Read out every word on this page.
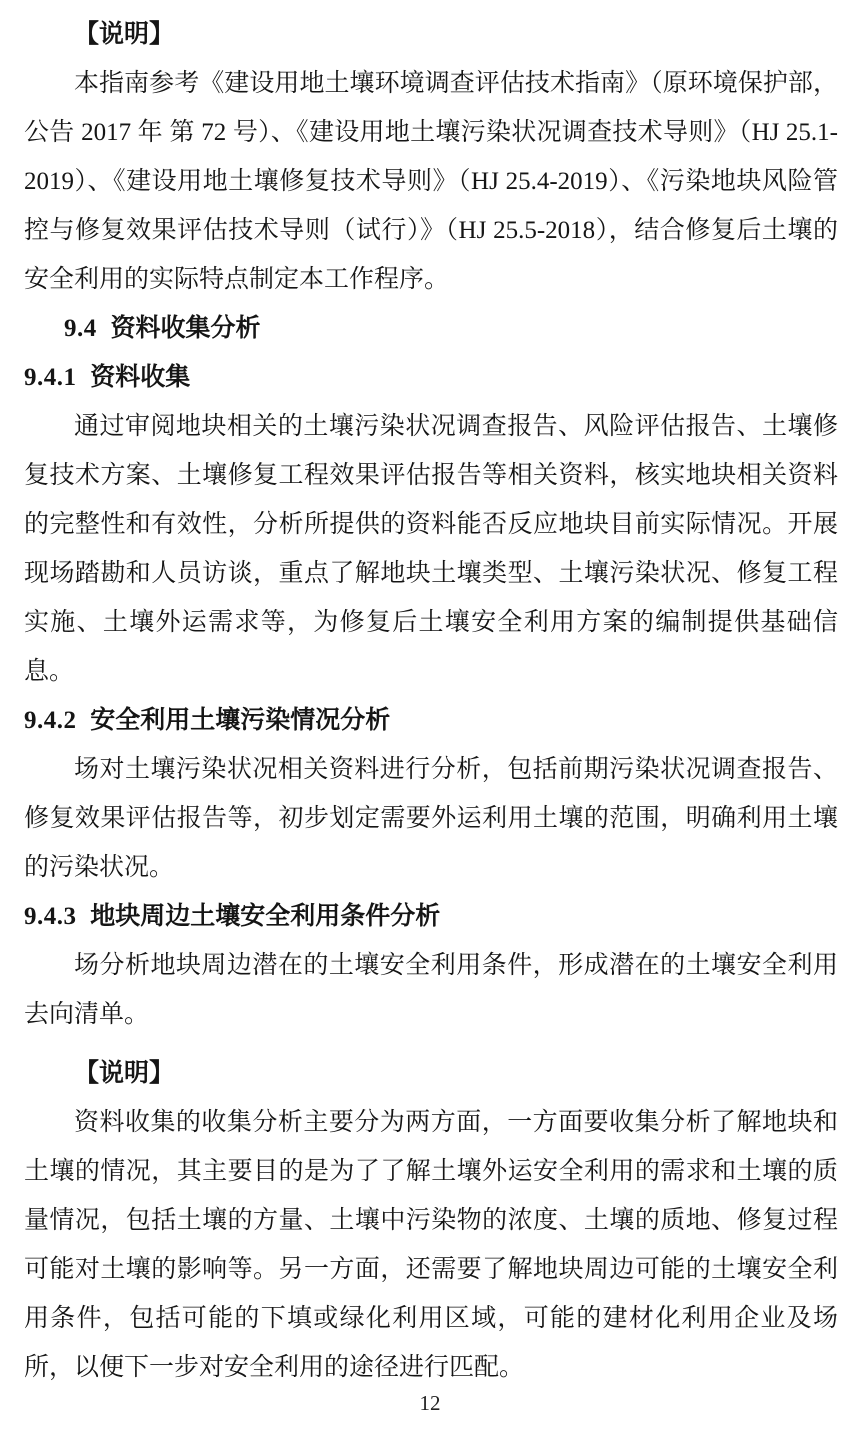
【说明】

本指南参考《建设用地土壤环境调查评估技术指南》（原环境保护部，公告 2017 年 第 72 号）、《建设用地土壤污染状况调查技术导则》（HJ 25.1-2019）、《建设用地土壤修复技术导则》（HJ 25.4-2019）、《污染地块风险管控与修复效果评估技术导则（试行）》（HJ 25.5-2018），结合修复后土壤的安全利用的实际特点制定本工作程序。

9.4 资料收集分析

9.4.1 资料收集

通过审阅地块相关的土壤污染状况调查报告、风险评估报告、土壤修复技术方案、土壤修复工程效果评估报告等相关资料，核实地块相关资料的完整性和有效性，分析所提供的资料能否反应地块目前实际情况。开展现场踏勘和人员访谈，重点了解地块土壤类型、土壤污染状况、修复工程实施、土壤外运需求等，为修复后土壤安全利用方案的编制提供基础信息。

9.4.2 安全利用土壤污染情况分析

场对土壤污染状况相关资料进行分析，包括前期污染状况调查报告、修复效果评估报告等，初步划定需要外运利用土壤的范围，明确利用土壤的污染状况。

9.4.3 地块周边土壤安全利用条件分析

场分析地块周边潜在的土壤安全利用条件，形成潜在的土壤安全利用去向清单。

【说明】

资料收集的收集分析主要分为两方面，一方面要收集分析了解地块和土壤的情况，其主要目的是为了了解土壤外运安全利用的需求和土壤的质量情况，包括土壤的方量、土壤中污染物的浓度、土壤的质地、修复过程可能对土壤的影响等。另一方面，还需要了解地块周边可能的土壤安全利用条件，包括可能的下填或绿化利用区域，可能的建材化利用企业及场所，以便下一步对安全利用的途径进行匹配。

12
